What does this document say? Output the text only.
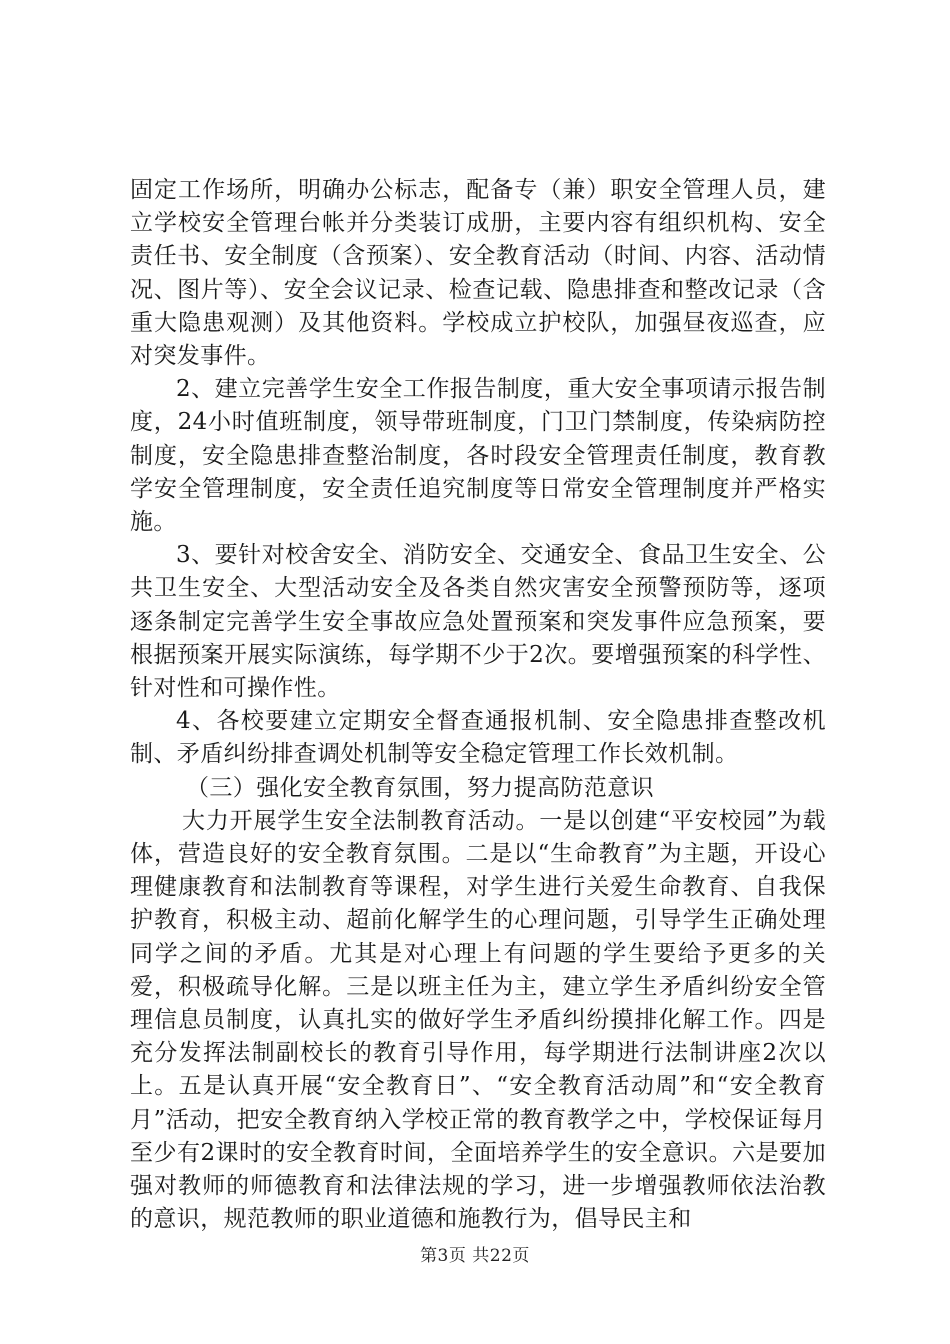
固定工作场所，明确办公标志，配备专（兼）职安全管理人员，建立学校安全管理台帐并分类装订成册，主要内容有组织机构、安全责任书、安全制度（含预案）、安全教育活动（时间、内容、活动情况、图片等）、安全会议记录、检查记载、隐患排查和整改记录（含重大隐患观测）及其他资料。学校成立护校队，加强昼夜巡查，应对突发事件。

2、建立完善学生安全工作报告制度，重大安全事项请示报告制度，24小时值班制度，领导带班制度，门卫门禁制度，传染病防控制度，安全隐患排查整治制度，各时段安全管理责任制度，教育教学安全管理制度，安全责任追究制度等日常安全管理制度并严格实施。

3、要针对校舍安全、消防安全、交通安全、食品卫生安全、公共卫生安全、大型活动安全及各类自然灾害安全预警预防等，逐项逐条制定完善学生安全事故应急处置预案和突发事件应急预案，要根据预案开展实际演练，每学期不少于2次。要增强预案的科学性、针对性和可操作性。

4、各校要建立定期安全督查通报机制、安全隐患排查整改机制、矛盾纠纷排查调处机制等安全稳定管理工作长效机制。

（三）强化安全教育氛围，努力提高防范意识

大力开展学生安全法制教育活动。一是以创建“平安校园”为载体，营造良好的安全教育氛围。二是以“生命教育”为主题，开设心理健康教育和法制教育等课程，对学生进行关爱生命教育、自我保护教育，积极主动、超前化解学生的心理问题，引导学生正确处理同学之间的矛盾。尤其是对心理上有问题的学生要给予更多的关爱，积极疏导化解。三是以班主任为主，建立学生矛盾纠纷安全管理信息员制度，认真扎实的做好学生矛盾纠纷摸排化解工作。四是充分发挥法制副校长的教育引导作用，每学期进行法制讲座2次以上。五是认真开展“安全教育日”、“安全教育活动周”和“安全教育月”活动，把安全教育纳入学校正常的教育教学之中，学校保证每月至少有2课时的安全教育时间，全面培养学生的安全意识。六是要加强对教师的师德教育和法律法规的学习，进一步增强教师依法治教的意识，规范教师的职业道德和施教行为，倡导民主和

第3页 共22页
